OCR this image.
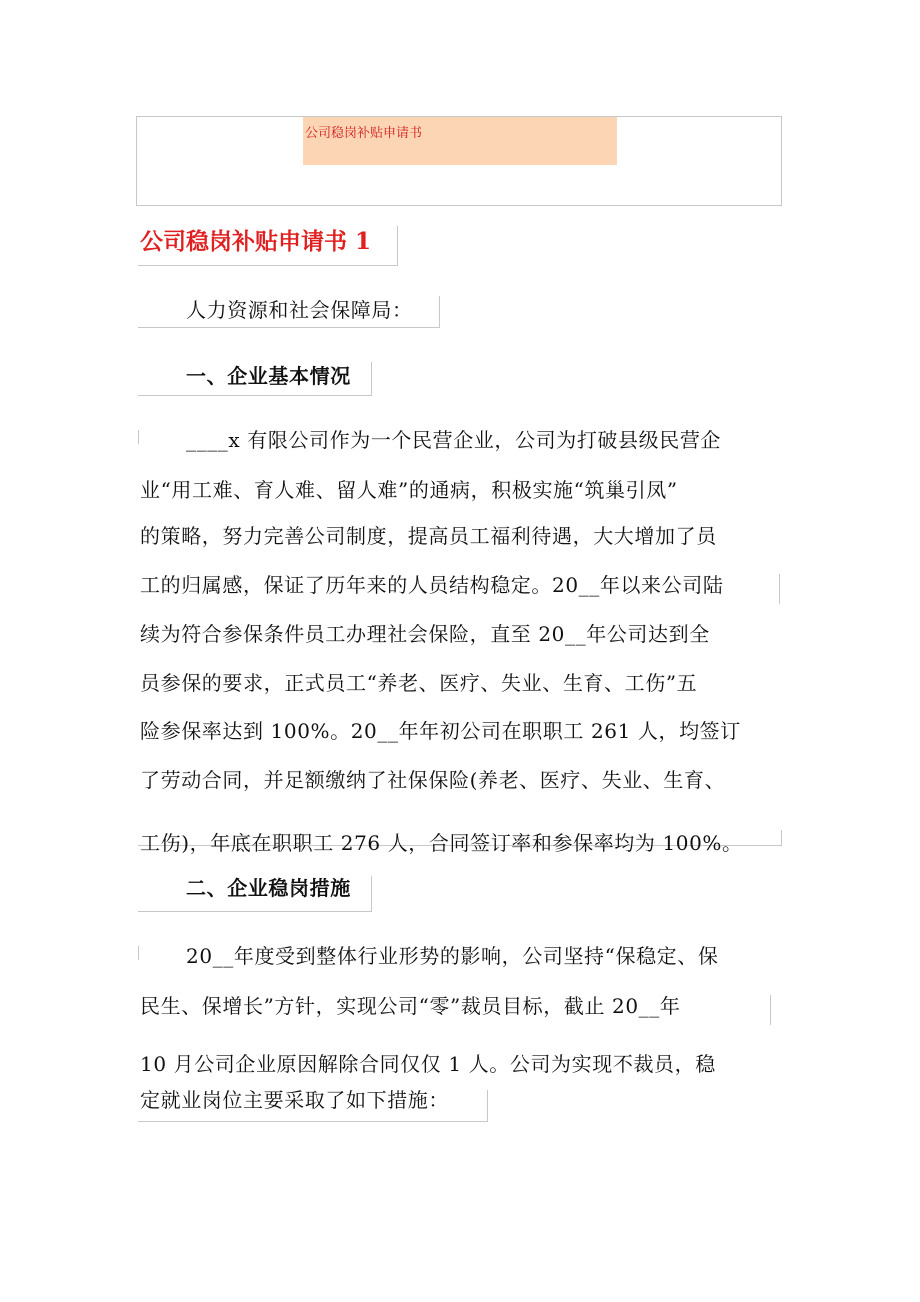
公司稳岗补贴申请书
公司稳岗补贴申请书 1
人力资源和社会保障局：
一、企业基本情况
____x 有限公司作为一个民营企业，公司为打破县级民营企
业“用工难、育人难、留人难”的通病，积极实施“筑巢引凤”
的策略，努力完善公司制度，提高员工福利待遇，大大增加了员
工的归属感，保证了历年来的人员结构稳定。20__年以来公司陆
续为符合参保条件员工办理社会保险，直至 20__年公司达到全
员参保的要求，正式员工“养老、医疗、失业、生育、工伤”五
险参保率达到 100%。20__年年初公司在职职工 261 人，均签订
了劳动合同，并足额缴纳了社保保险(养老、医疗、失业、生育、
工伤)，年底在职职工 276 人，合同签订率和参保率均为 100%。
二、企业稳岗措施
20__年度受到整体行业形势的影响，公司坚持“保稳定、保
民生、保增长”方针，实现公司“零”裁员目标，截止 20__年
10 月公司企业原因解除合同仅仅 1 人。公司为实现不裁员，稳
定就业岗位主要采取了如下措施：
